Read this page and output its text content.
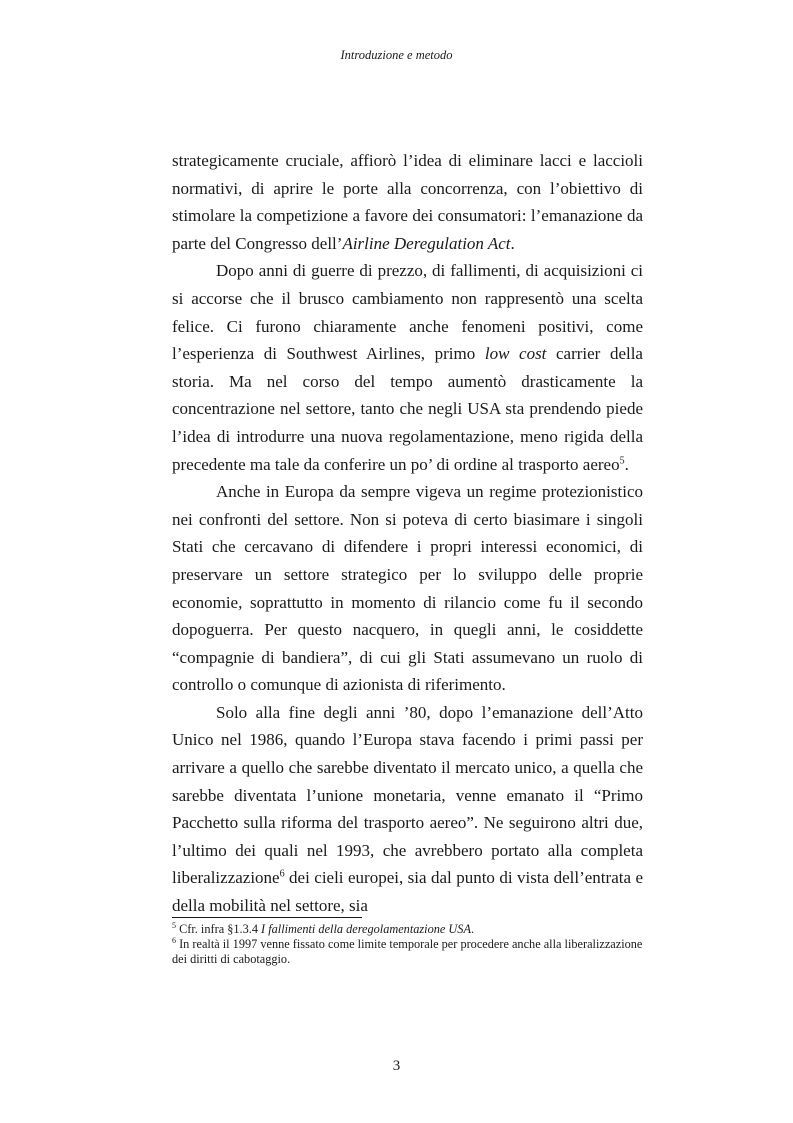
Introduzione e metodo

strategicamente cruciale, affiorò l’idea di eliminare lacci e laccioli normativi, di aprire le porte alla concorrenza, con l’obiettivo di stimolare la competizione a favore dei consumatori: l’emanazione da parte del Congresso dell’Airline Deregulation Act.

Dopo anni di guerre di prezzo, di fallimenti, di acquisizioni ci si accorse che il brusco cambiamento non rappresentò una scelta felice. Ci furono chiaramente anche fenomeni positivi, come l’esperienza di Southwest Airlines, primo low cost carrier della storia. Ma nel corso del tempo aumentò drasticamente la concentrazione nel settore, tanto che negli USA sta prendendo piede l’idea di introdurre una nuova regolamentazione, meno rigida della precedente ma tale da conferire un po’ di ordine al trasporto aereo$^5$.

Anche in Europa da sempre vigeva un regime protezionistico nei confronti del settore. Non si poteva di certo biasimare i singoli Stati che cercavano di difendere i propri interessi economici, di preservare un settore strategico per lo sviluppo delle proprie economie, soprattutto in momento di rilancio come fu il secondo dopoguerra. Per questo nacquero, in quegli anni, le cosiddette “compagnie di bandiera”, di cui gli Stati assumevano un ruolo di controllo o comunque di azionista di riferimento.

Solo alla fine degli anni ’80, dopo l’emanazione dell’Atto Unico nel 1986, quando l’Europa stava facendo i primi passi per arrivare a quello che sarebbe diventato il mercato unico, a quella che sarebbe diventata l’unione monetaria, venne emanato il “Primo Pacchetto sulla riforma del trasporto aereo”. Ne seguirono altri due, l’ultimo dei quali nel 1993, che avrebbero portato alla completa liberalizzazione$^6$ dei cieli europei, sia dal punto di vista dell’entrata e della mobilità nel settore, sia

$^5$ Cfr. infra §1.3.4 I fallimenti della deregolamentazione USA.

$^6$ In realtà il 1997 venne fissato come limite temporale per procedere anche alla liberalizzazione dei diritti di cabotaggio.

3
